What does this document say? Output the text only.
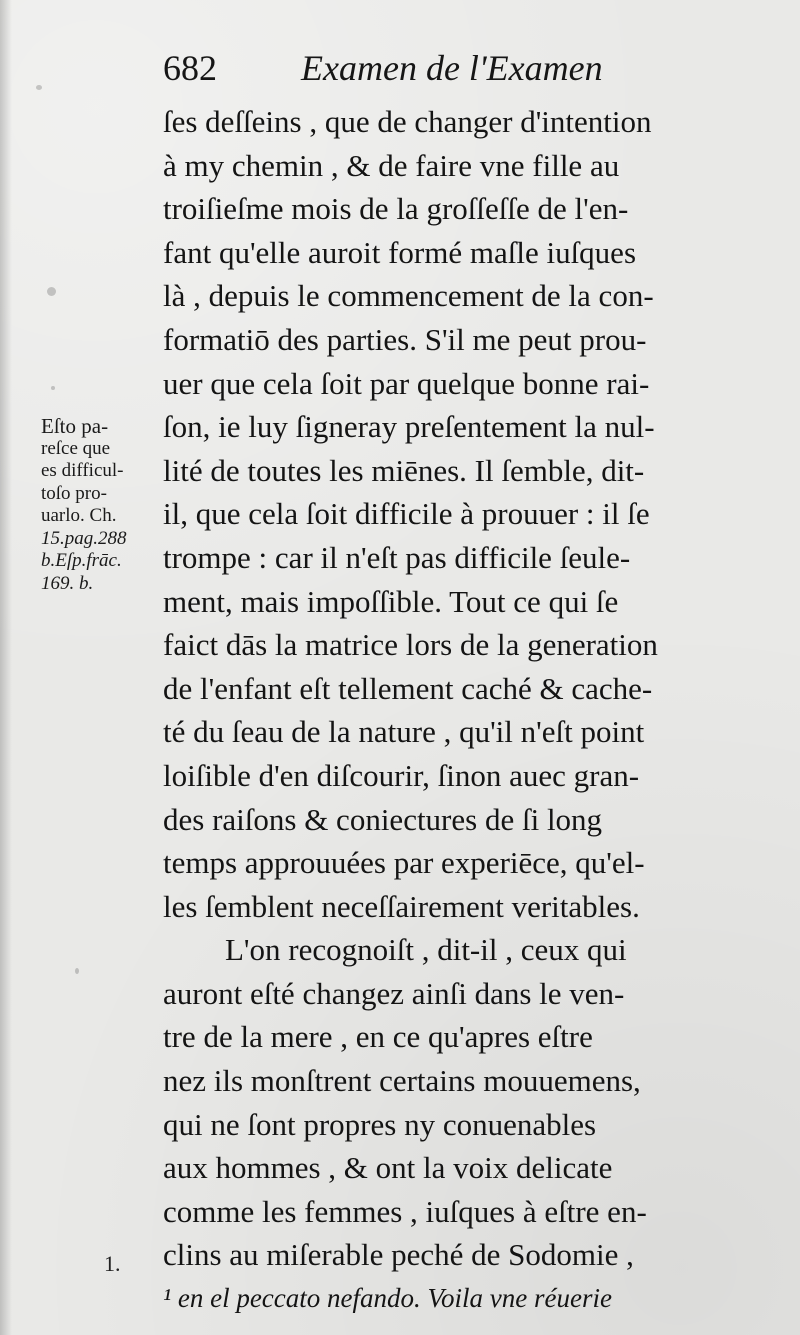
682 Examen de l'Examen
Eſto pa-
reſce que
es difficul-
toſo pro-
uarlo. Ch.
15.pag.288
b.Eſp.frāc.
169. b.
ſes deſſeins , que de changer d'intention
à my chemin , & de faire vne fille au
troiſieſme mois de la groſſeſſe de l'en-
fant qu'elle auroit formé maſle iuſques
là , depuis le commencement de la con-
formatiō des parties. S'il me peut prou-
uer que cela ſoit par quelque bonne rai-
ſon, ie luy ſigneray preſentement la nul-
lité de toutes les miēnes. Il ſemble, dit-
il, que cela ſoit difficile à prouuer : il ſe
trompe : car il n'eſt pas difficile ſeule-
ment, mais impoſſible. Tout ce qui ſe
faict dās la matrice lors de la generation
de l'enfant eſt tellement caché & cache-
té du ſeau de la nature , qu'il n'eſt point
loiſible d'en diſcourir, ſinon auec gran-
des raiſons & coniectures de ſi long
temps approuuées par experiēce, qu'el-
les ſemblent neceſſairement veritables.
L'on recognoiſt , dit-il , ceux qui
auront eſté changez ainſi dans le ven-
tre de la mere , en ce qu'apres eſtre
nez ils monſtrent certains mouuemens,
qui ne ſont propres ny conuenables
aux hommes , & ont la voix delicate
comme les femmes , iuſques à eſtre en-
clins au miſerable peché de Sodomie ,
¹ en el peccato nefando. Voila vne réuerie
1.
